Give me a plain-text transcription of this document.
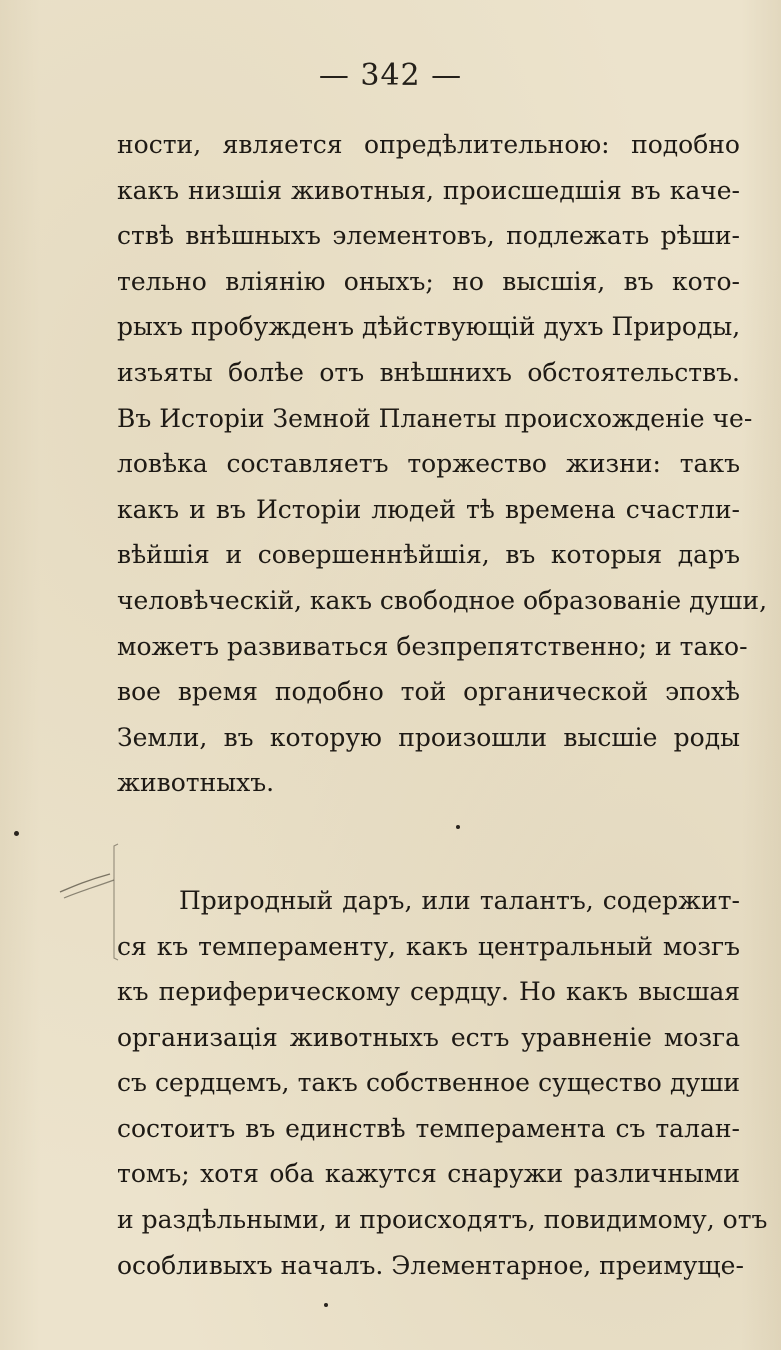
— 342 —
ности, является опредѣлительною: подобно
какъ низшія животныя, происшедшія въ каче-
ствѣ внѣшныхъ элементовъ, подлежать рѣши-
тельно влiянiю оныхъ; но высшія, въ кото-
рыхъ пробужденъ дѣйствующій духъ Природы,
изъяты болѣе отъ внѣшнихъ обстоятельствъ.
Въ Исторiи Земной Планеты происхожденіе че-
ловѣка составляетъ торжество жизни: такъ
какъ и въ Исторiи людей тѣ времена счастли-
вѣйшія и совершеннѣйшія, въ которыя даръ
человѣческій, какъ свободное образованіе души,
можетъ развиваться безпрепятственно; и тако-
вое время подобно той органической эпохѣ
Земли, въ которую произошли высшіе роды
животныхъ.
Природный даръ, или талантъ, содержит-
ся къ темпераменту, какъ центральный мозгъ
къ периферическому сердцу. Но какъ высшая
организація животныхъ естъ уравненіе мозга
съ сердцемъ, такъ собственное существо души
состоитъ въ единствѣ темперамента съ талан-
томъ; хотя оба кажутся снаружи различными
и раздѣльными, и происходятъ, повидимому, отъ
особливыхъ началъ. Элементарное, преимуще-
